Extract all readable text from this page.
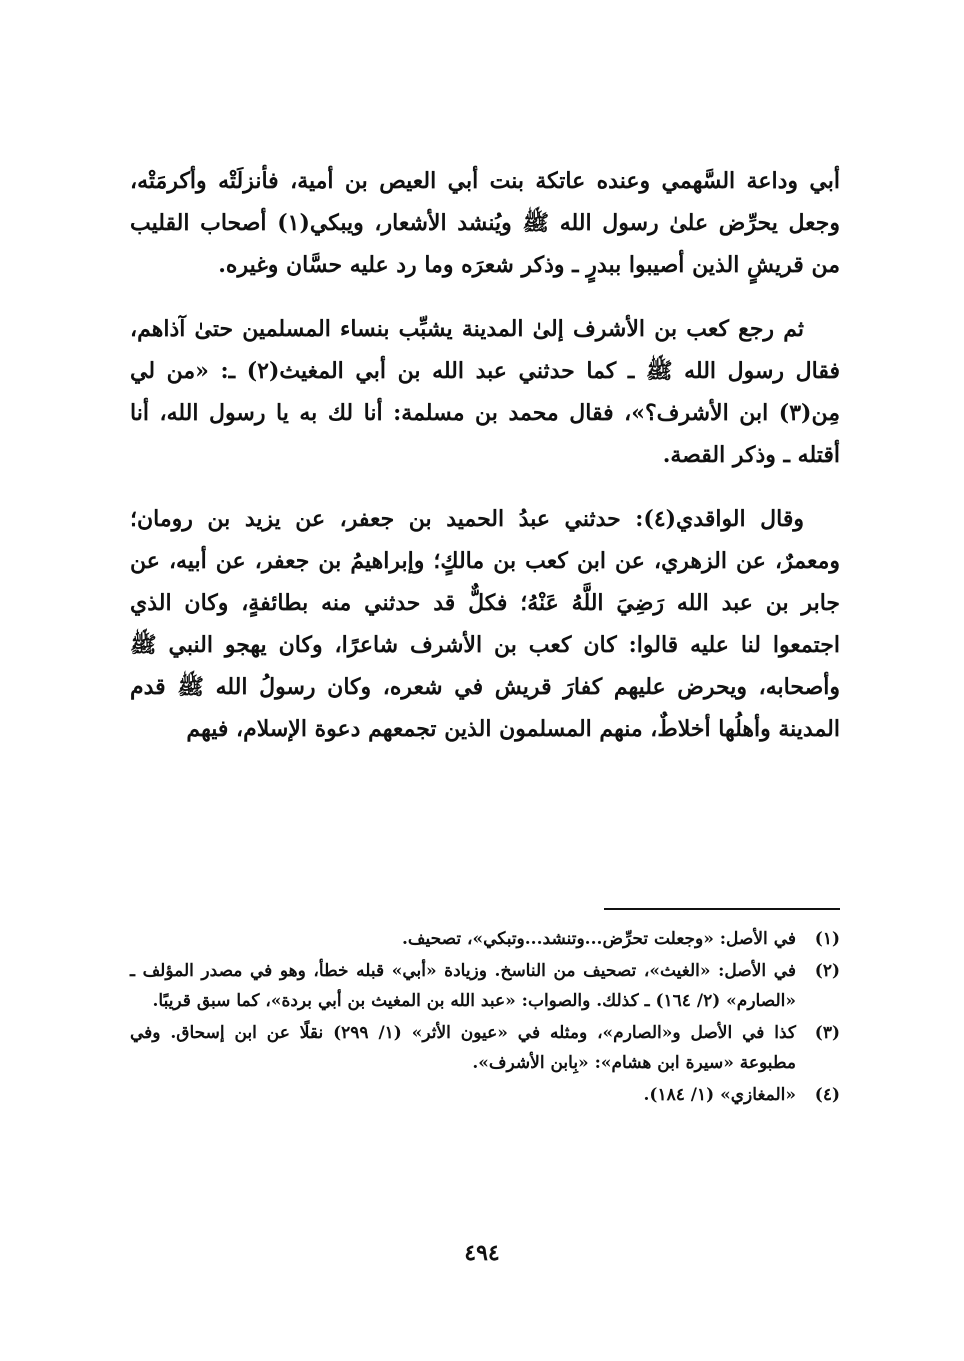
أبي وداعة السَّهمي وعنده عاتكة بنت أبي العيص بن أمية، فأنزلَتْه وأكرمَتْه، وجعل يحرِّض علىٰ رسول الله ﷺ ويُنشد الأشعار، ويبكي(١) أصحاب القليب من قريشٍ الذين أصيبوا ببدرٍ ـ وذكر شعرَه وما رد عليه حسَّان وغيره.

ثم رجع كعب بن الأشرف إلىٰ المدينة يشبِّب بنساء المسلمين حتىٰ آذاهم، فقال رسول الله ﷺ ـ كما حدثني عبد الله بن أبي المغيث(٢) ـ: «من لي مِن(٣) ابن الأشرف؟»، فقال محمد بن مسلمة: أنا لك به يا رسول الله، أنا أقتله ـ وذكر القصة.

وقال الواقدي(٤): حدثني عبدُ الحميد بن جعفر، عن يزيد بن رومان؛ ومعمرٌ، عن الزهري، عن ابن كعب بن مالكٍ؛ وإبراهيمُ بن جعفر، عن أبيه، عن جابر بن عبد الله رَضِيَ اللَّهُ عَنْهُ؛ فكلٌّ قد حدثني منه بطائفةٍ، وكان الذي اجتمعوا لنا عليه قالوا: كان كعب بن الأشرف شاعرًا، وكان يهجو النبي ﷺ وأصحابه، ويحرض عليهم كفارَ قريش في شعره، وكان رسولُ الله ﷺ قدم المدينة وأهلُها أخلاطٌ، منهم المسلمون الذين تجمعهم دعوة الإسلام، فيهم

(١)
في الأصل: «وجعلت تحرِّض...وتنشد...وتبكي»، تصحيف.
(٢)
في الأصل: «الغيث»، تصحيف من الناسخ. وزيادة «أبي» قبله خطأ، وهو في مصدر المؤلف ـ «الصارم» (٢/ ١٦٤) ـ كذلك. والصواب: «عبد الله بن المغيث بن أبي بردة»، كما سبق قريبًا.
(٣)
كذا في الأصل و«الصارم»، ومثله في «عيون الأثر» (١/ ٢٩٩) نقلًا عن ابن إسحاق. وفي مطبوعة «سيرة ابن هشام»: «بِابن الأشرف».
(٤)
«المغازي» (١/ ١٨٤).
٤٩٤
